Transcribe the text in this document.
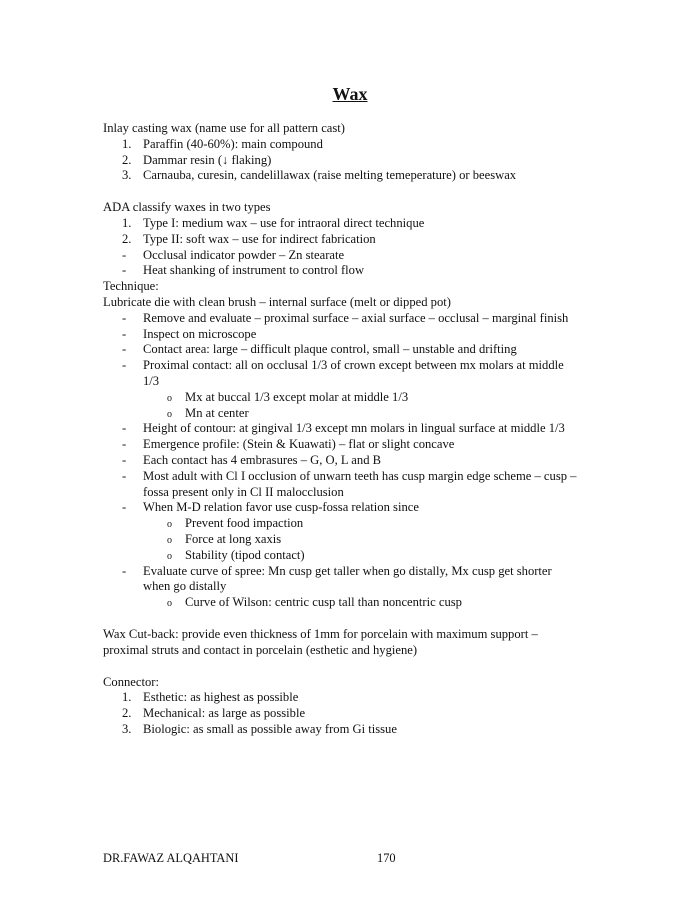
Wax
Inlay casting wax (name use for all pattern cast)
1. Paraffin (40-60%): main compound
2. Dammar resin (↓ flaking)
3. Carnauba, curesin, candelillawax (raise melting temeperature) or beeswax
ADA classify waxes in two types
1. Type I: medium wax – use for intraoral direct technique
2. Type II: soft wax – use for indirect fabrication
- Occlusal indicator powder – Zn stearate
- Heat shanking of instrument to control flow
Technique:
Lubricate die with clean brush – internal surface (melt or dipped pot)
- Remove and evaluate – proximal surface – axial surface – occlusal – marginal finish
- Inspect on microscope
- Contact area: large – difficult plaque control, small – unstable and drifting
- Proximal contact: all on occlusal 1/3 of crown except between mx molars at middle
1/3
o Mx at buccal 1/3 except molar at middle 1/3
o Mn at center
- Height of contour: at gingival 1/3 except mn molars in lingual surface at middle 1/3
- Emergence profile: (Stein & Kuawati) – flat or slight concave
- Each contact has 4 embrasures – G, O, L and B
- Most adult with Cl I occlusion of unwarn teeth has cusp margin edge scheme – cusp –
fossa present only in Cl II malocclusion
- When M-D relation favor use cusp-fossa relation since
o Prevent food impaction
o Force at long xaxis
o Stability (tipod contact)
- Evaluate curve of spree: Mn cusp get taller when go distally, Mx cusp get shorter
when go distally
o Curve of Wilson: centric cusp tall than noncentric cusp
Wax Cut-back: provide even thickness of 1mm for porcelain with maximum support –
proximal struts and contact in porcelain (esthetic and hygiene)
Connector:
1. Esthetic: as highest as possible
2. Mechanical: as large as possible
3. Biologic: as small as possible away from Gi tissue
DR.FAWAZ ALQAHTANI	170
